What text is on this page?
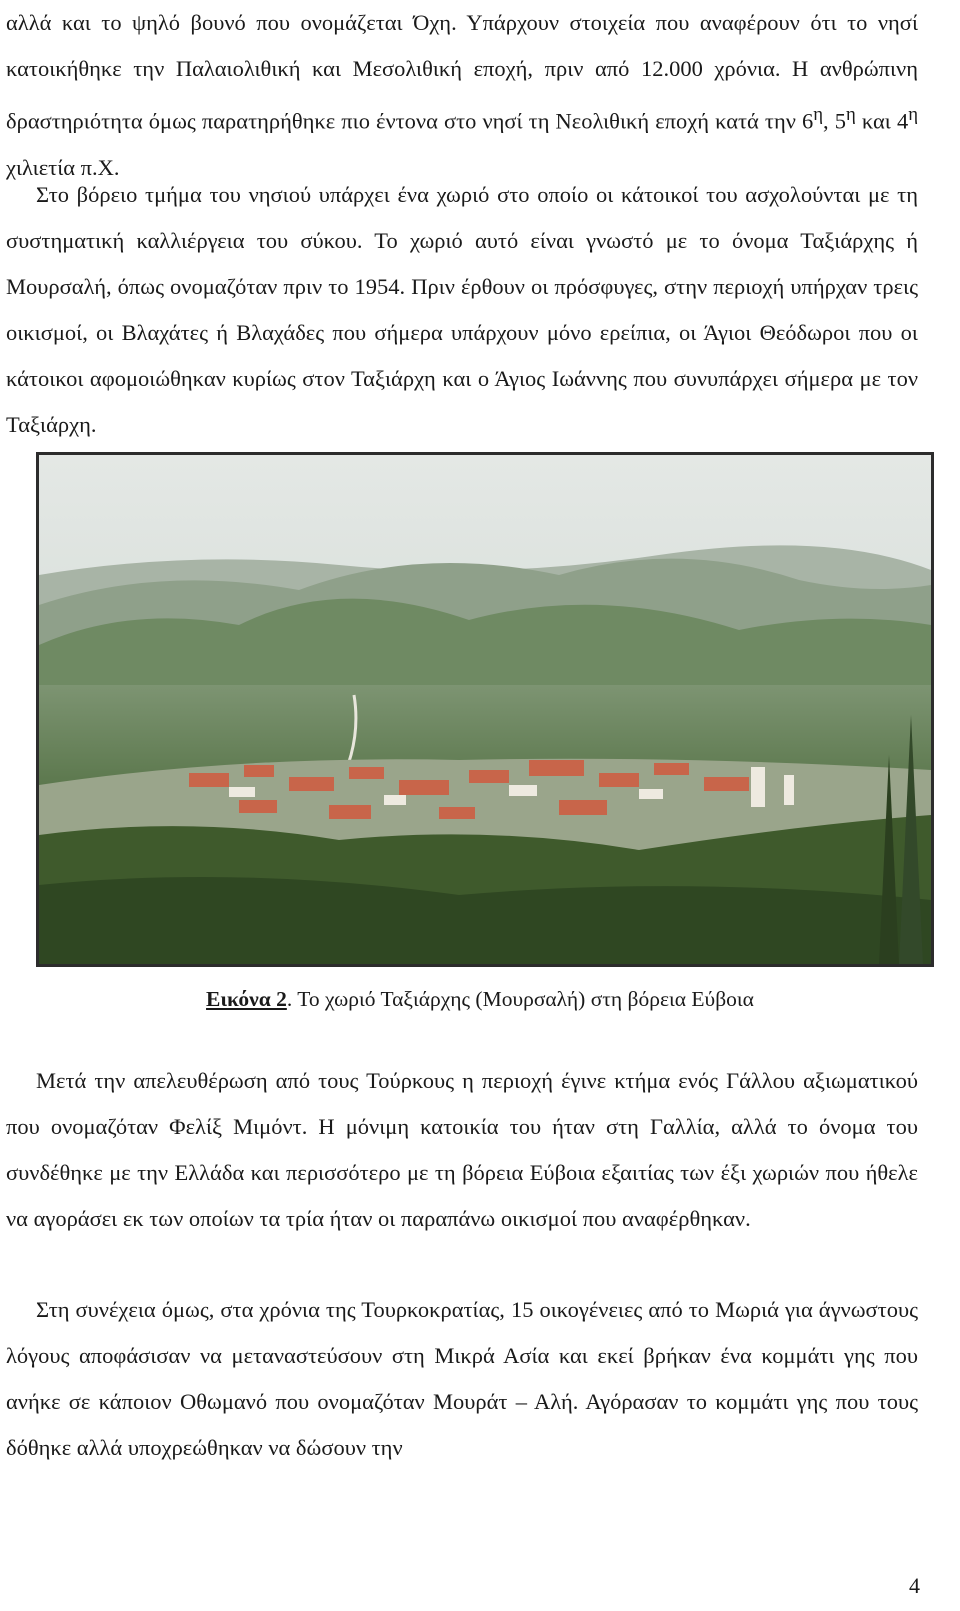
αλλά και το ψηλό βουνό που ονομάζεται Όχη. Υπάρχουν στοιχεία που αναφέρουν ότι το νησί κατοικήθηκε την Παλαιολιθική και Μεσολιθική εποχή, πριν από 12.000 χρόνια. Η ανθρώπινη δραστηριότητα όμως παρατηρήθηκε πιο έντονα στο νησί τη Νεολιθική εποχή κατά την $6^\eta$, $5^\eta$ και $4^\eta$ χιλιετία π.Χ.

Στο βόρειο τμήμα του νησιού υπάρχει ένα χωριό στο οποίο οι κάτοικοί του ασχολούνται με τη συστηματική καλλιέργεια του σύκου. Το χωριό αυτό είναι γνωστό με το όνομα Ταξιάρχης ή Μουρσαλή, όπως ονομαζόταν πριν το 1954. Πριν έρθουν οι πρόσφυγες, στην περιοχή υπήρχαν τρεις οικισμοί, οι Βλαχάτες ή Βλαχάδες που σήμερα υπάρχουν μόνο ερείπια, οι Άγιοι Θεόδωροι που οι κάτοικοι αφομοιώθηκαν κυρίως στον Ταξιάρχη και ο Άγιος Ιωάννης που συνυπάρχει σήμερα με τον Ταξιάρχη.

Εικόνα 2. Το χωριό Ταξιάρχης (Μουρσαλή) στη βόρεια Εύβοια

Μετά την απελευθέρωση από τους Τούρκους η περιοχή έγινε κτήμα ενός Γάλλου αξιωματικού που ονομαζόταν Φελίξ Μιμόντ. Η μόνιμη κατοικία του ήταν στη Γαλλία, αλλά το όνομα του συνδέθηκε με την Ελλάδα και περισσότερο με τη βόρεια Εύβοια εξαιτίας των έξι χωριών που ήθελε να αγοράσει εκ των οποίων τα τρία ήταν οι παραπάνω οικισμοί που αναφέρθηκαν.

Στη συνέχεια όμως, στα χρόνια της Τουρκοκρατίας, 15 οικογένειες από το Μωριά για άγνωστους λόγους αποφάσισαν να μεταναστεύσουν στη Μικρά Ασία και εκεί βρήκαν ένα κομμάτι γης που ανήκε σε κάποιον Οθωμανό που ονομαζόταν Μουράτ – Αλή. Αγόρασαν το κομμάτι γης που τους δόθηκε αλλά υποχρεώθηκαν να δώσουν την

4
